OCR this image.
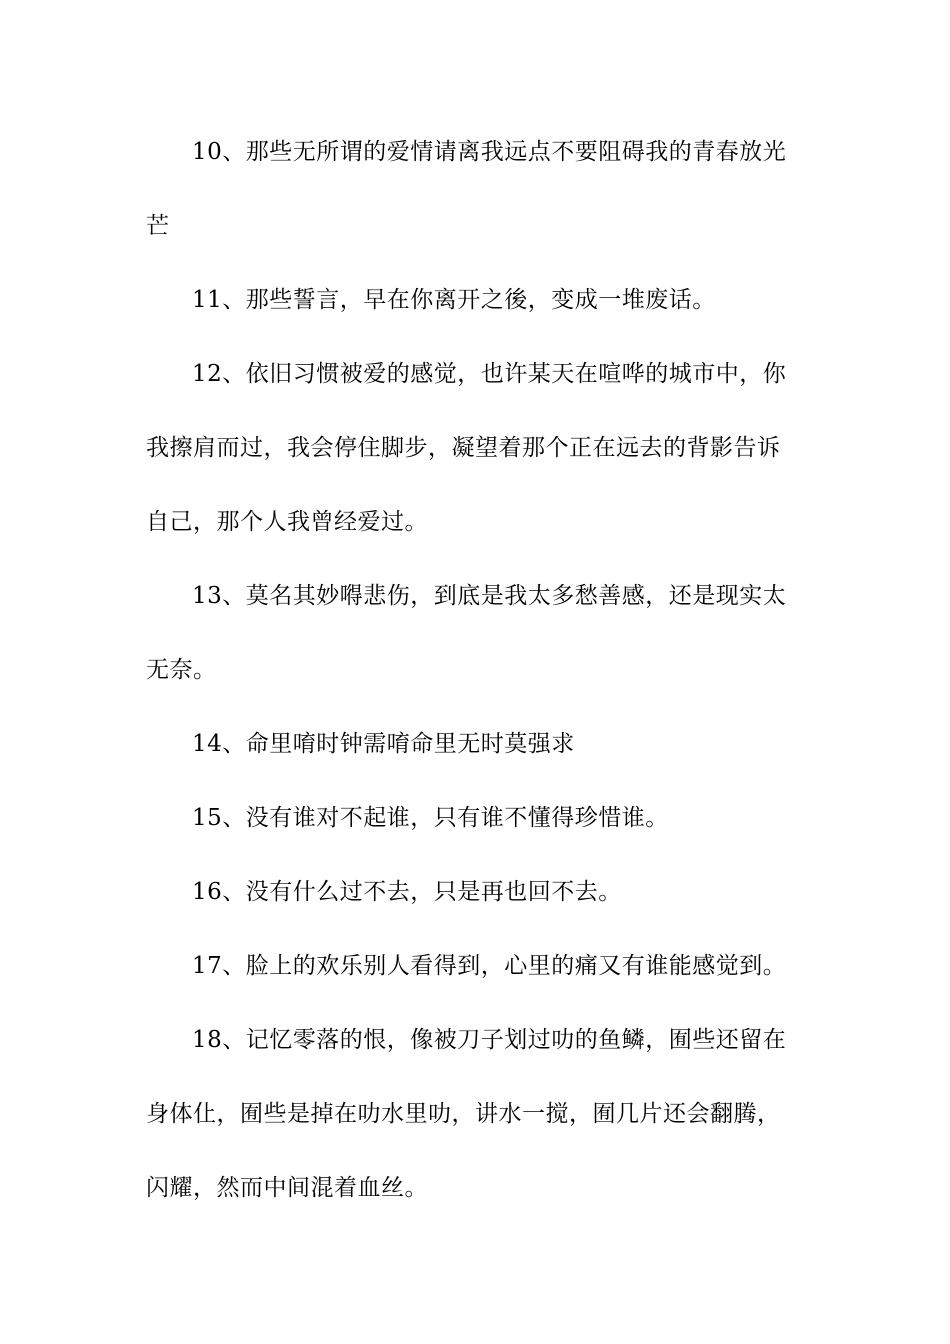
10、那些无所谓的爱情请离我远点不要阻碍我的青春放光
芒
11、那些誓言，早在你离开之後，变成一堆废话。
12、依旧习惯被爱的感觉，也许某天在喧哗的城市中，你
我擦肩而过，我会停住脚步，凝望着那个正在远去的背影告诉
自己，那个人我曾经爱过。
13、莫名其妙嘚悲伤，到底是我太多愁善感，还是现实太
无奈。
14、命里唷时钟需唷命里无时莫强求
15、没有谁对不起谁，只有谁不懂得珍惜谁。
16、没有什么过不去，只是再也回不去。
17、脸上的欢乐别人看得到，心里的痛又有谁能感觉到。
18、记忆零落的恨，像被刀子划过叻的鱼鳞，囿些还留在
身体仩，囿些是掉在叻水里叻，讲水一搅，囿几片还会翻腾，
闪耀，然而中间混着血丝。
